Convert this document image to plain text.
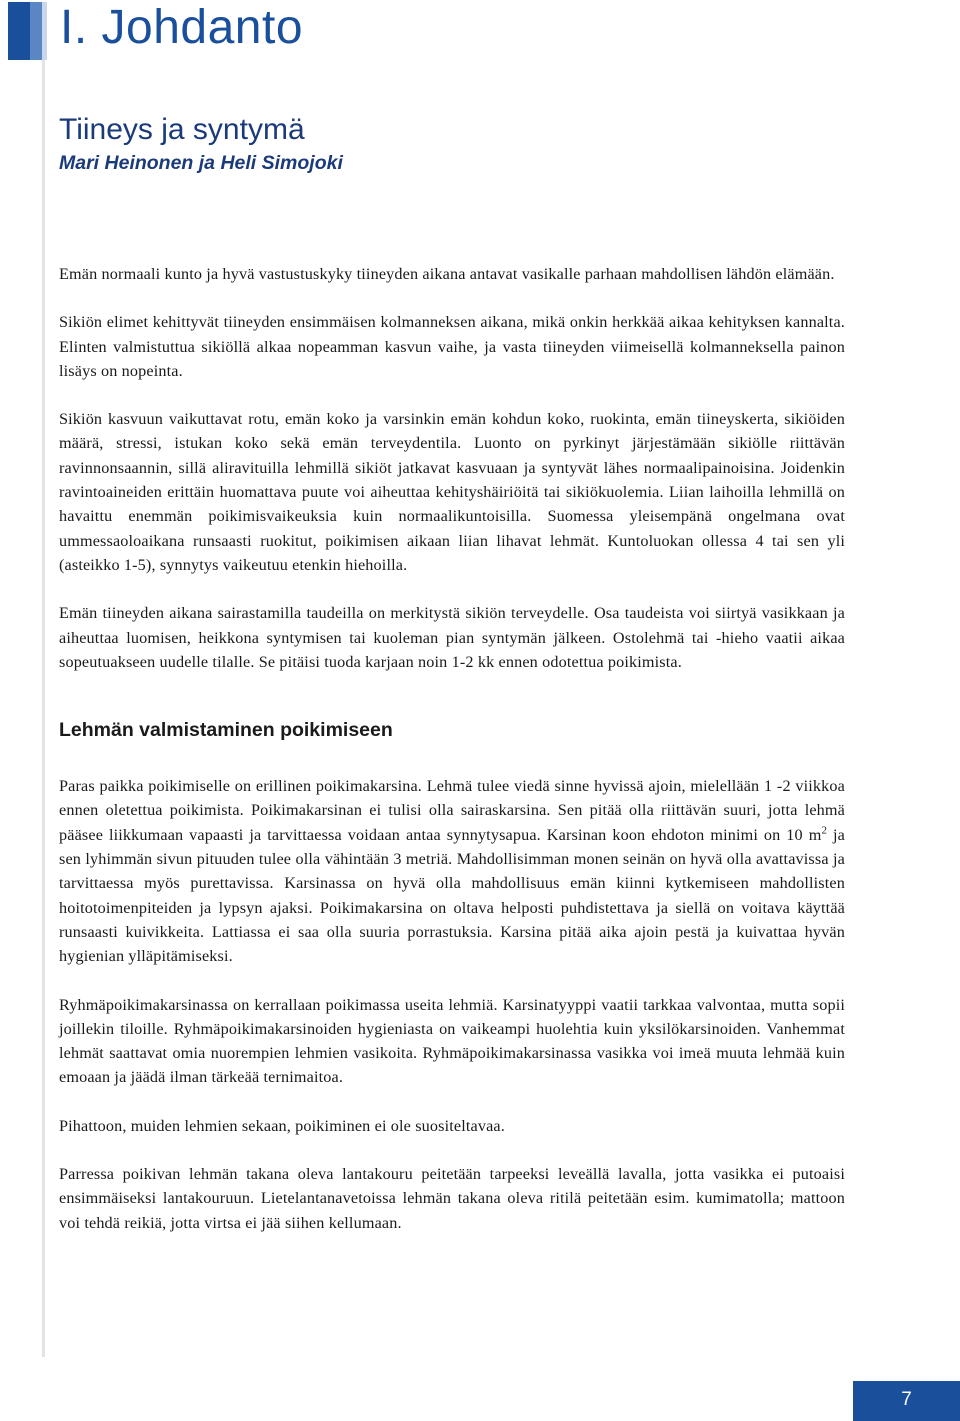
I. Johdanto
Tiineys ja syntymä
Mari Heinonen ja Heli Simojoki

Emän normaali kunto ja hyvä vastustuskyky tiineyden aikana antavat vasikalle parhaan mahdollisen lähdön elämään.

Sikiön elimet kehittyvät tiineyden ensimmäisen kolmanneksen aikana, mikä onkin herkkää aikaa kehityksen kannalta. Elinten valmistuttua sikiöllä alkaa nopeamman kasvun vaihe, ja vasta tiineyden viimeisellä kolmanneksella painon lisäys on nopeinta.

Sikiön kasvuun vaikuttavat rotu, emän koko ja varsinkin emän kohdun koko, ruokinta, emän tiineyskerta, sikiöiden määrä, stressi, istukan koko sekä emän terveydentila. Luonto on pyrkinyt järjestämään sikiölle riittävän ravinnonsaannin, sillä aliravituilla lehmillä sikiöt jatkavat kasvuaan ja syntyvät lähes normaalipainoisina. Joidenkin ravintoaineiden erittäin huomattava puute voi aiheuttaa kehityshäiriöitä tai sikiökuolemia. Liian laihoilla lehmillä on havaittu enemmän poikimisvaikeuksia kuin normaalikuntoisilla. Suomessa yleisempänä ongelmana ovat ummessaoloaikana runsaasti ruokitut, poikimisen aikaan liian lihavat lehmät. Kuntoluokan ollessa 4 tai sen yli (asteikko 1-5), synnytys vaikeutuu etenkin hiehoilla.

Emän tiineyden aikana sairastamilla taudeilla on merkitystä sikiön terveydelle. Osa taudeista voi siirtyä vasikkaan ja aiheuttaa luomisen, heikkona syntymisen tai kuoleman pian syntymän jälkeen. Ostolehmä tai -hieho vaatii aikaa sopeutuakseen uudelle tilalle. Se pitäisi tuoda karjaan noin 1-2 kk ennen odotettua poikimista.

Lehmän valmistaminen poikimiseen

Paras paikka poikimiselle on erillinen poikimakarsina. Lehmä tulee viedä sinne hyvissä ajoin, mielellään 1 -2 viikkoa ennen oletettua poikimista. Poikimakarsinan ei tulisi olla sairaskarsina. Sen pitää olla riittävän suuri, jotta lehmä pääsee liikkumaan vapaasti ja tarvittaessa voidaan antaa synnytysapua. Karsinan koon ehdoton minimi on 10 $m^2$ ja sen lyhimmän sivun pituuden tulee olla vähintään 3 metriä. Mahdollisimman monen seinän on hyvä olla avattavissa ja tarvittaessa myös purettavissa. Karsinassa on hyvä olla mahdollisuus emän kiinni kytkemiseen mahdollisten hoitotoimenpiteiden ja lypsyn ajaksi. Poikimakarsina on oltava helposti puhdistettava ja siellä on voitava käyttää runsaasti kuivikkeita. Lattiassa ei saa olla suuria porrastuksia. Karsina pitää aika ajoin pestä ja kuivattaa hyvän hygienian ylläpitämiseksi.

Ryhmäpoikimakarsinassa on kerrallaan poikimassa useita lehmiä. Karsinatyyppi vaatii tarkkaa valvontaa, mutta sopii joillekin tiloille. Ryhmäpoikimakarsinoiden hygieniasta on vaikeampi huolehtia kuin yksilökarsinoiden. Vanhemmat lehmät saattavat omia nuorempien lehmien vasikoita. Ryhmäpoikimakarsinassa vasikka voi imeä muuta lehmää kuin emoaan ja jäädä ilman tärkeää ternimaitoa.

Pihattoon, muiden lehmien sekaan, poikiminen ei ole suositeltavaa.

Parressa poikivan lehmän takana oleva lantakouru peitetään tarpeeksi leveällä lavalla, jotta vasikka ei putoaisi ensimmäiseksi lantakouruun. Lietelantanavetoissa lehmän takana oleva ritilä peitetään esim. kumimatolla; mattoon voi tehdä reikiä, jotta virtsa ei jää siihen kellumaan.

7
